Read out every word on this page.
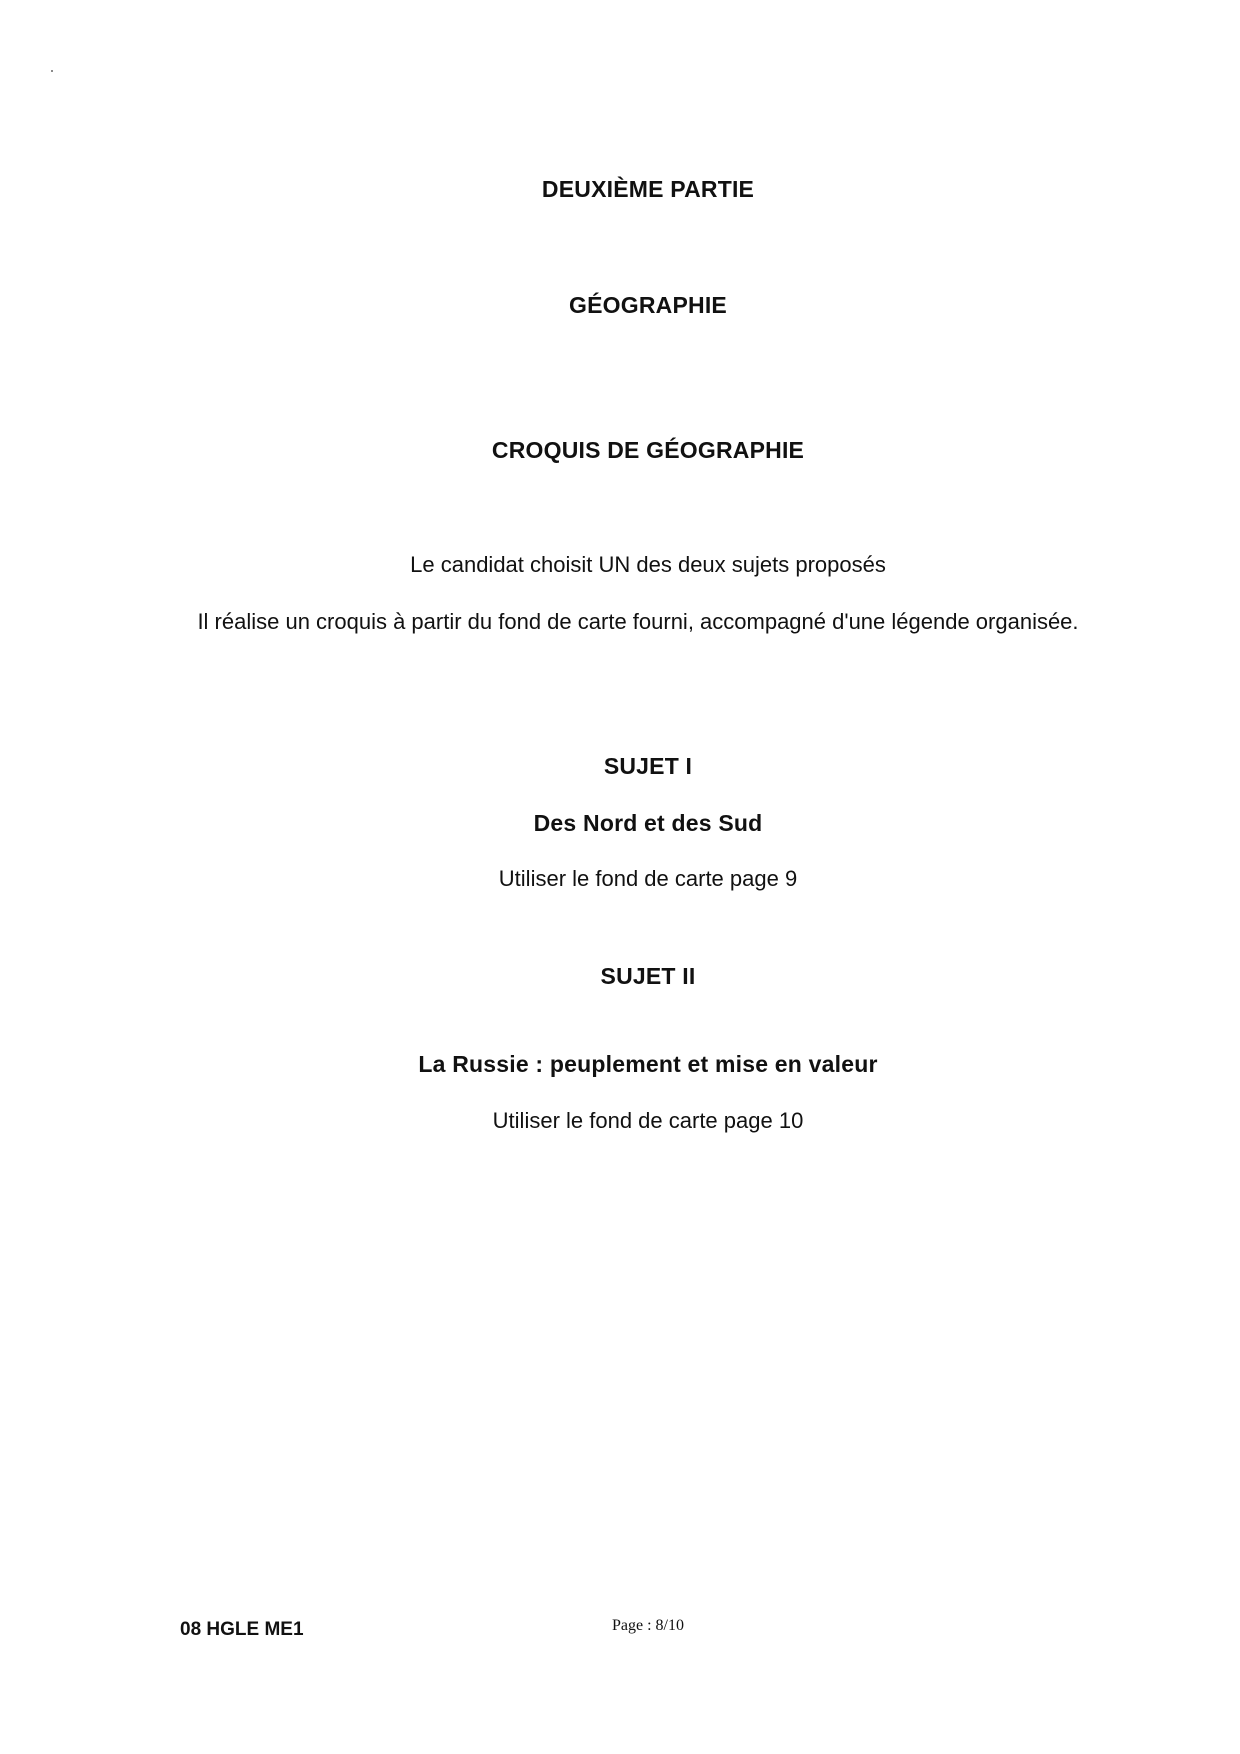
DEUXIÈME PARTIE
GÉOGRAPHIE
CROQUIS DE GÉOGRAPHIE
Le candidat choisit UN des deux sujets proposés
Il réalise un croquis à partir du fond de carte fourni, accompagné d'une légende organisée.
SUJET I
Des Nord et des Sud
Utiliser le fond de carte page 9
SUJET II
La Russie : peuplement et mise en valeur
Utiliser le fond de carte page 10
08 HGLE ME1	Page : 8/10
